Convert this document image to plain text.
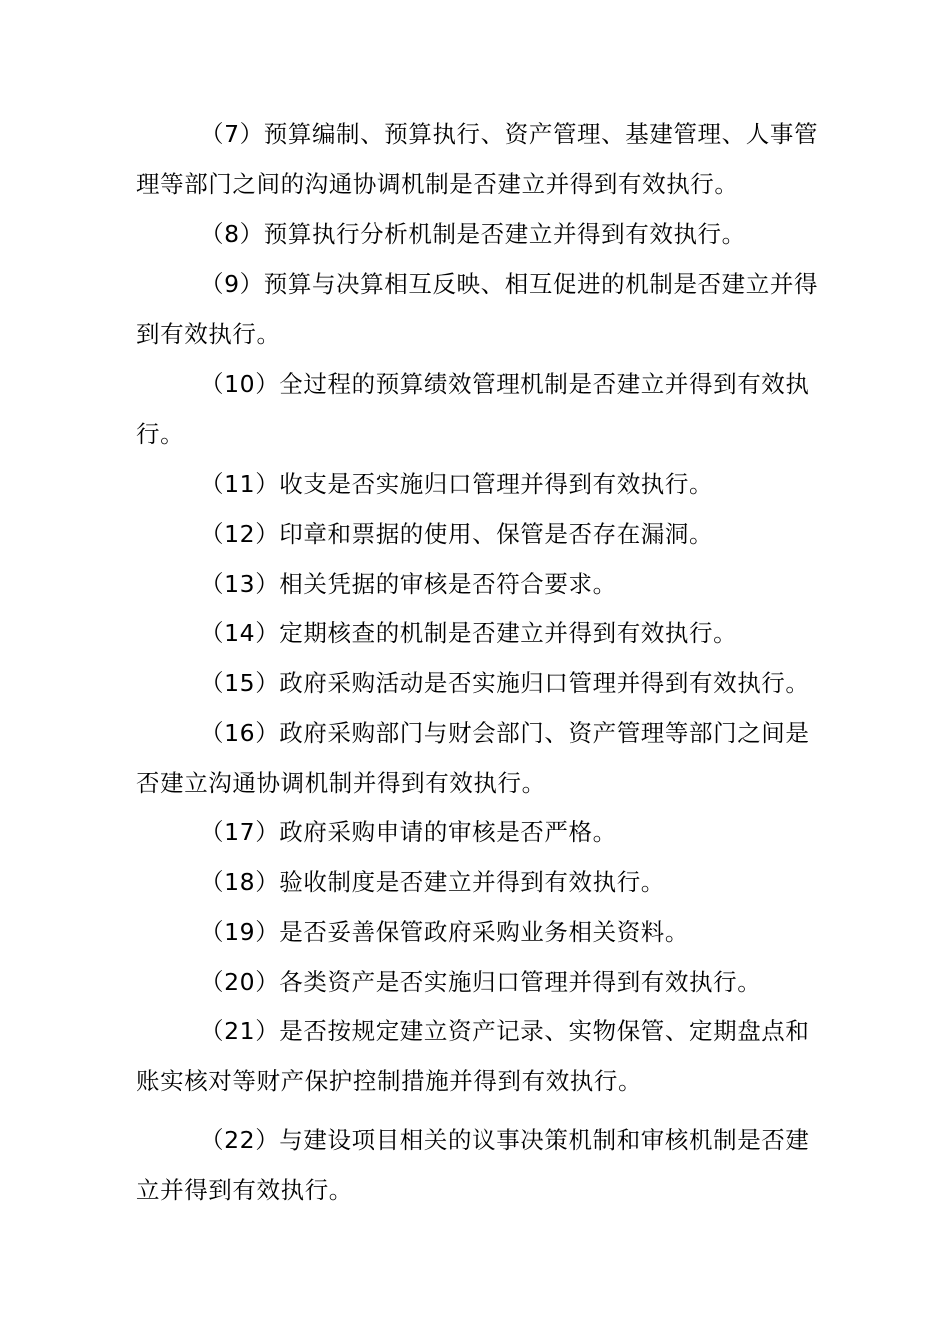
（7）预算编制、预算执行、资产管理、基建管理、人事管理等部门之间的沟通协调机制是否建立并得到有效执行。

（8）预算执行分析机制是否建立并得到有效执行。

（9）预算与决算相互反映、相互促进的机制是否建立并得到有效执行。

（10）全过程的预算绩效管理机制是否建立并得到有效执行。

（11）收支是否实施归口管理并得到有效执行。

（12）印章和票据的使用、保管是否存在漏洞。

（13）相关凭据的审核是否符合要求。

（14）定期核查的机制是否建立并得到有效执行。

（15）政府采购活动是否实施归口管理并得到有效执行。

（16）政府采购部门与财会部门、资产管理等部门之间是否建立沟通协调机制并得到有效执行。

（17）政府采购申请的审核是否严格。

（18）验收制度是否建立并得到有效执行。

（19）是否妥善保管政府采购业务相关资料。

（20）各类资产是否实施归口管理并得到有效执行。

（21）是否按规定建立资产记录、实物保管、定期盘点和账实核对等财产保护控制措施并得到有效执行。

（22）与建设项目相关的议事决策机制和审核机制是否建立并得到有效执行。
